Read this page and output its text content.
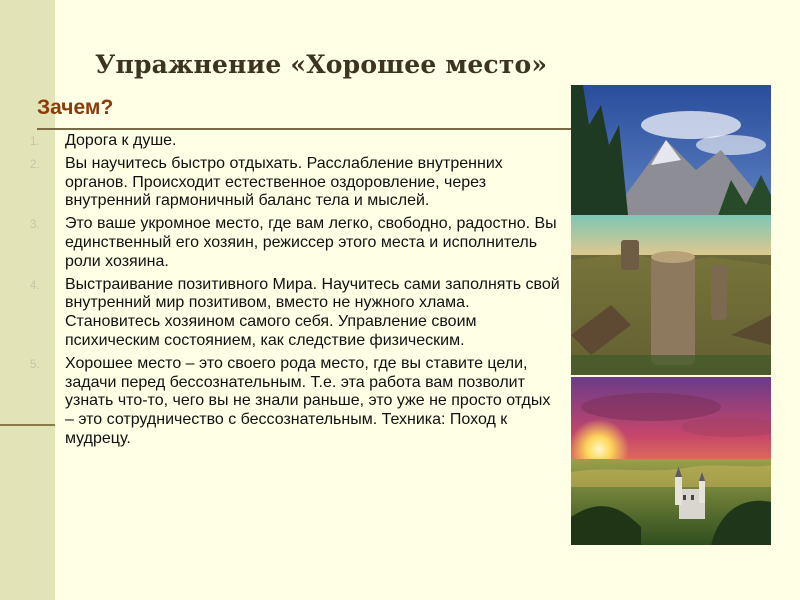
Упражнение «Хорошее место»
Зачем?
1. Дорога к душе.
2. Вы научитесь быстро отдыхать. Расслабление внутренних органов. Происходит естественное оздоровление, через внутренний гармоничный баланс тела и мыслей.
3. Это ваше укромное место, где вам легко, свободно, радостно. Вы единственный его хозяин, режиссер этого места и исполнитель роли хозяина.
4. Выстраивание позитивного Мира. Научитесь сами заполнять свой внутренний мир позитивом, вместо не нужного хлама. Становитесь хозяином самого себя. Управление своим психическим состоянием, как следствие физическим.
5. Хорошее место – это своего рода место, где вы ставите цели, задачи перед бессознательным. Т.е. эта работа вам позволит узнать что-то, чего вы не знали раньше, это уже не просто отдых – это сотрудничество с бессознательным. Техника: Поход к мудрецу.
